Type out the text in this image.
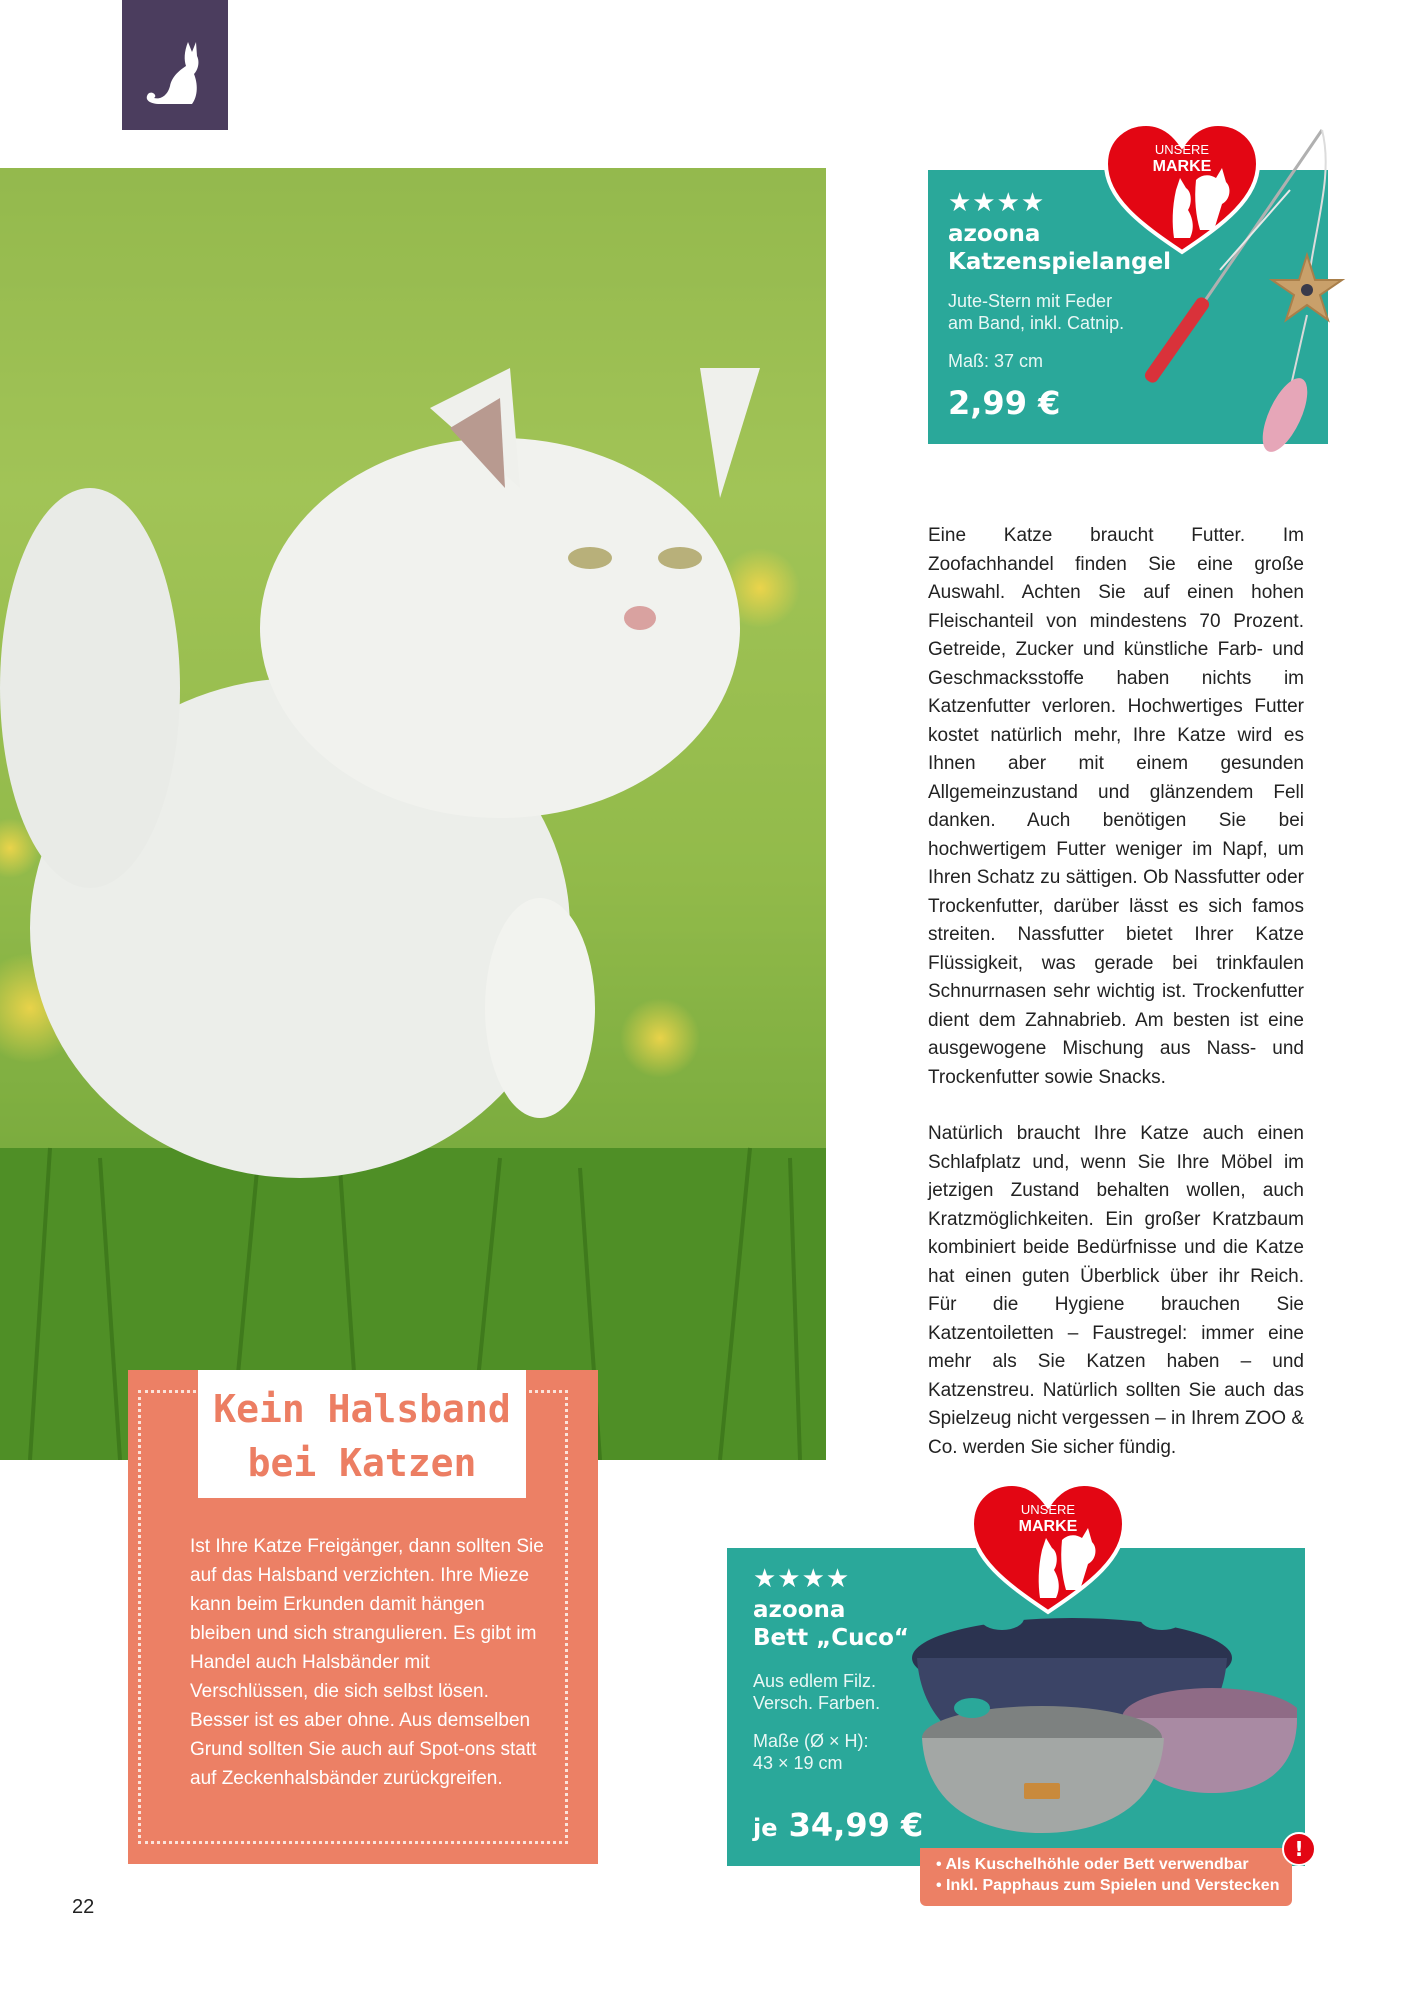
★★★★
azoona
Katzenspielangel
Jute-Stern mit Feder
am Band, inkl. Catnip.
Maß: 37 cm
2,99 €
UNSERE
MARKE

Eine Katze braucht Futter. Im Zoofachhandel finden Sie eine große Auswahl. Achten Sie auf einen hohen Fleischanteil von mindestens 70 Prozent. Getreide, Zucker und künstliche Farb- und Geschmacksstoffe haben nichts im Katzenfutter verloren. Hochwertiges Futter kostet natürlich mehr, Ihre Katze wird es Ihnen aber mit einem gesunden Allgemeinzustand und glänzendem Fell danken. Auch benötigen Sie bei hochwertigem Futter weniger im Napf, um Ihren Schatz zu sättigen. Ob Nassfutter oder Trockenfutter, darüber lässt es sich famos streiten. Nassfutter bietet Ihrer Katze Flüssigkeit, was gerade bei trinkfaulen Schnurrnasen sehr wichtig ist. Trockenfutter dient dem Zahnabrieb. Am besten ist eine ausgewogene Mischung aus Nass- und Trockenfutter sowie Snacks.

Natürlich braucht Ihre Katze auch einen Schlafplatz und, wenn Sie Ihre Möbel im jetzigen Zustand behalten wollen, auch Kratzmöglichkeiten. Ein großer Kratzbaum kombiniert beide Bedürfnisse und die Katze hat einen guten Überblick über ihr Reich. Für die Hygiene brauchen Sie Katzentoiletten – Faustregel: immer eine mehr als Sie Katzen haben – und Katzenstreu. Natürlich sollten Sie auch das Spielzeug nicht vergessen – in Ihrem ZOO & Co. werden Sie sicher fündig.

Kein Halsband
bei Katzen
Ist Ihre Katze Freigänger, dann sollten Sie auf das Halsband verzichten. Ihre Mieze kann beim Erkunden damit hängen bleiben und sich strangulieren. Es gibt im Handel auch Halsbänder mit Verschlüssen, die sich selbst lösen. Besser ist es aber ohne. Aus demselben Grund sollten Sie auch auf Spot-ons statt auf Zeckenhalsbänder zurückgreifen.
★★★★
azoona
Bett „Cuco“
Aus edlem Filz.
Versch. Farben.
Maße (Ø × H):
43 × 19 cm
je 34,99 €
UNSERE
MARKE
• Als Kuschelhöhle oder Bett verwendbar
• Inkl. Papphaus zum Spielen und Verstecken
!
22
